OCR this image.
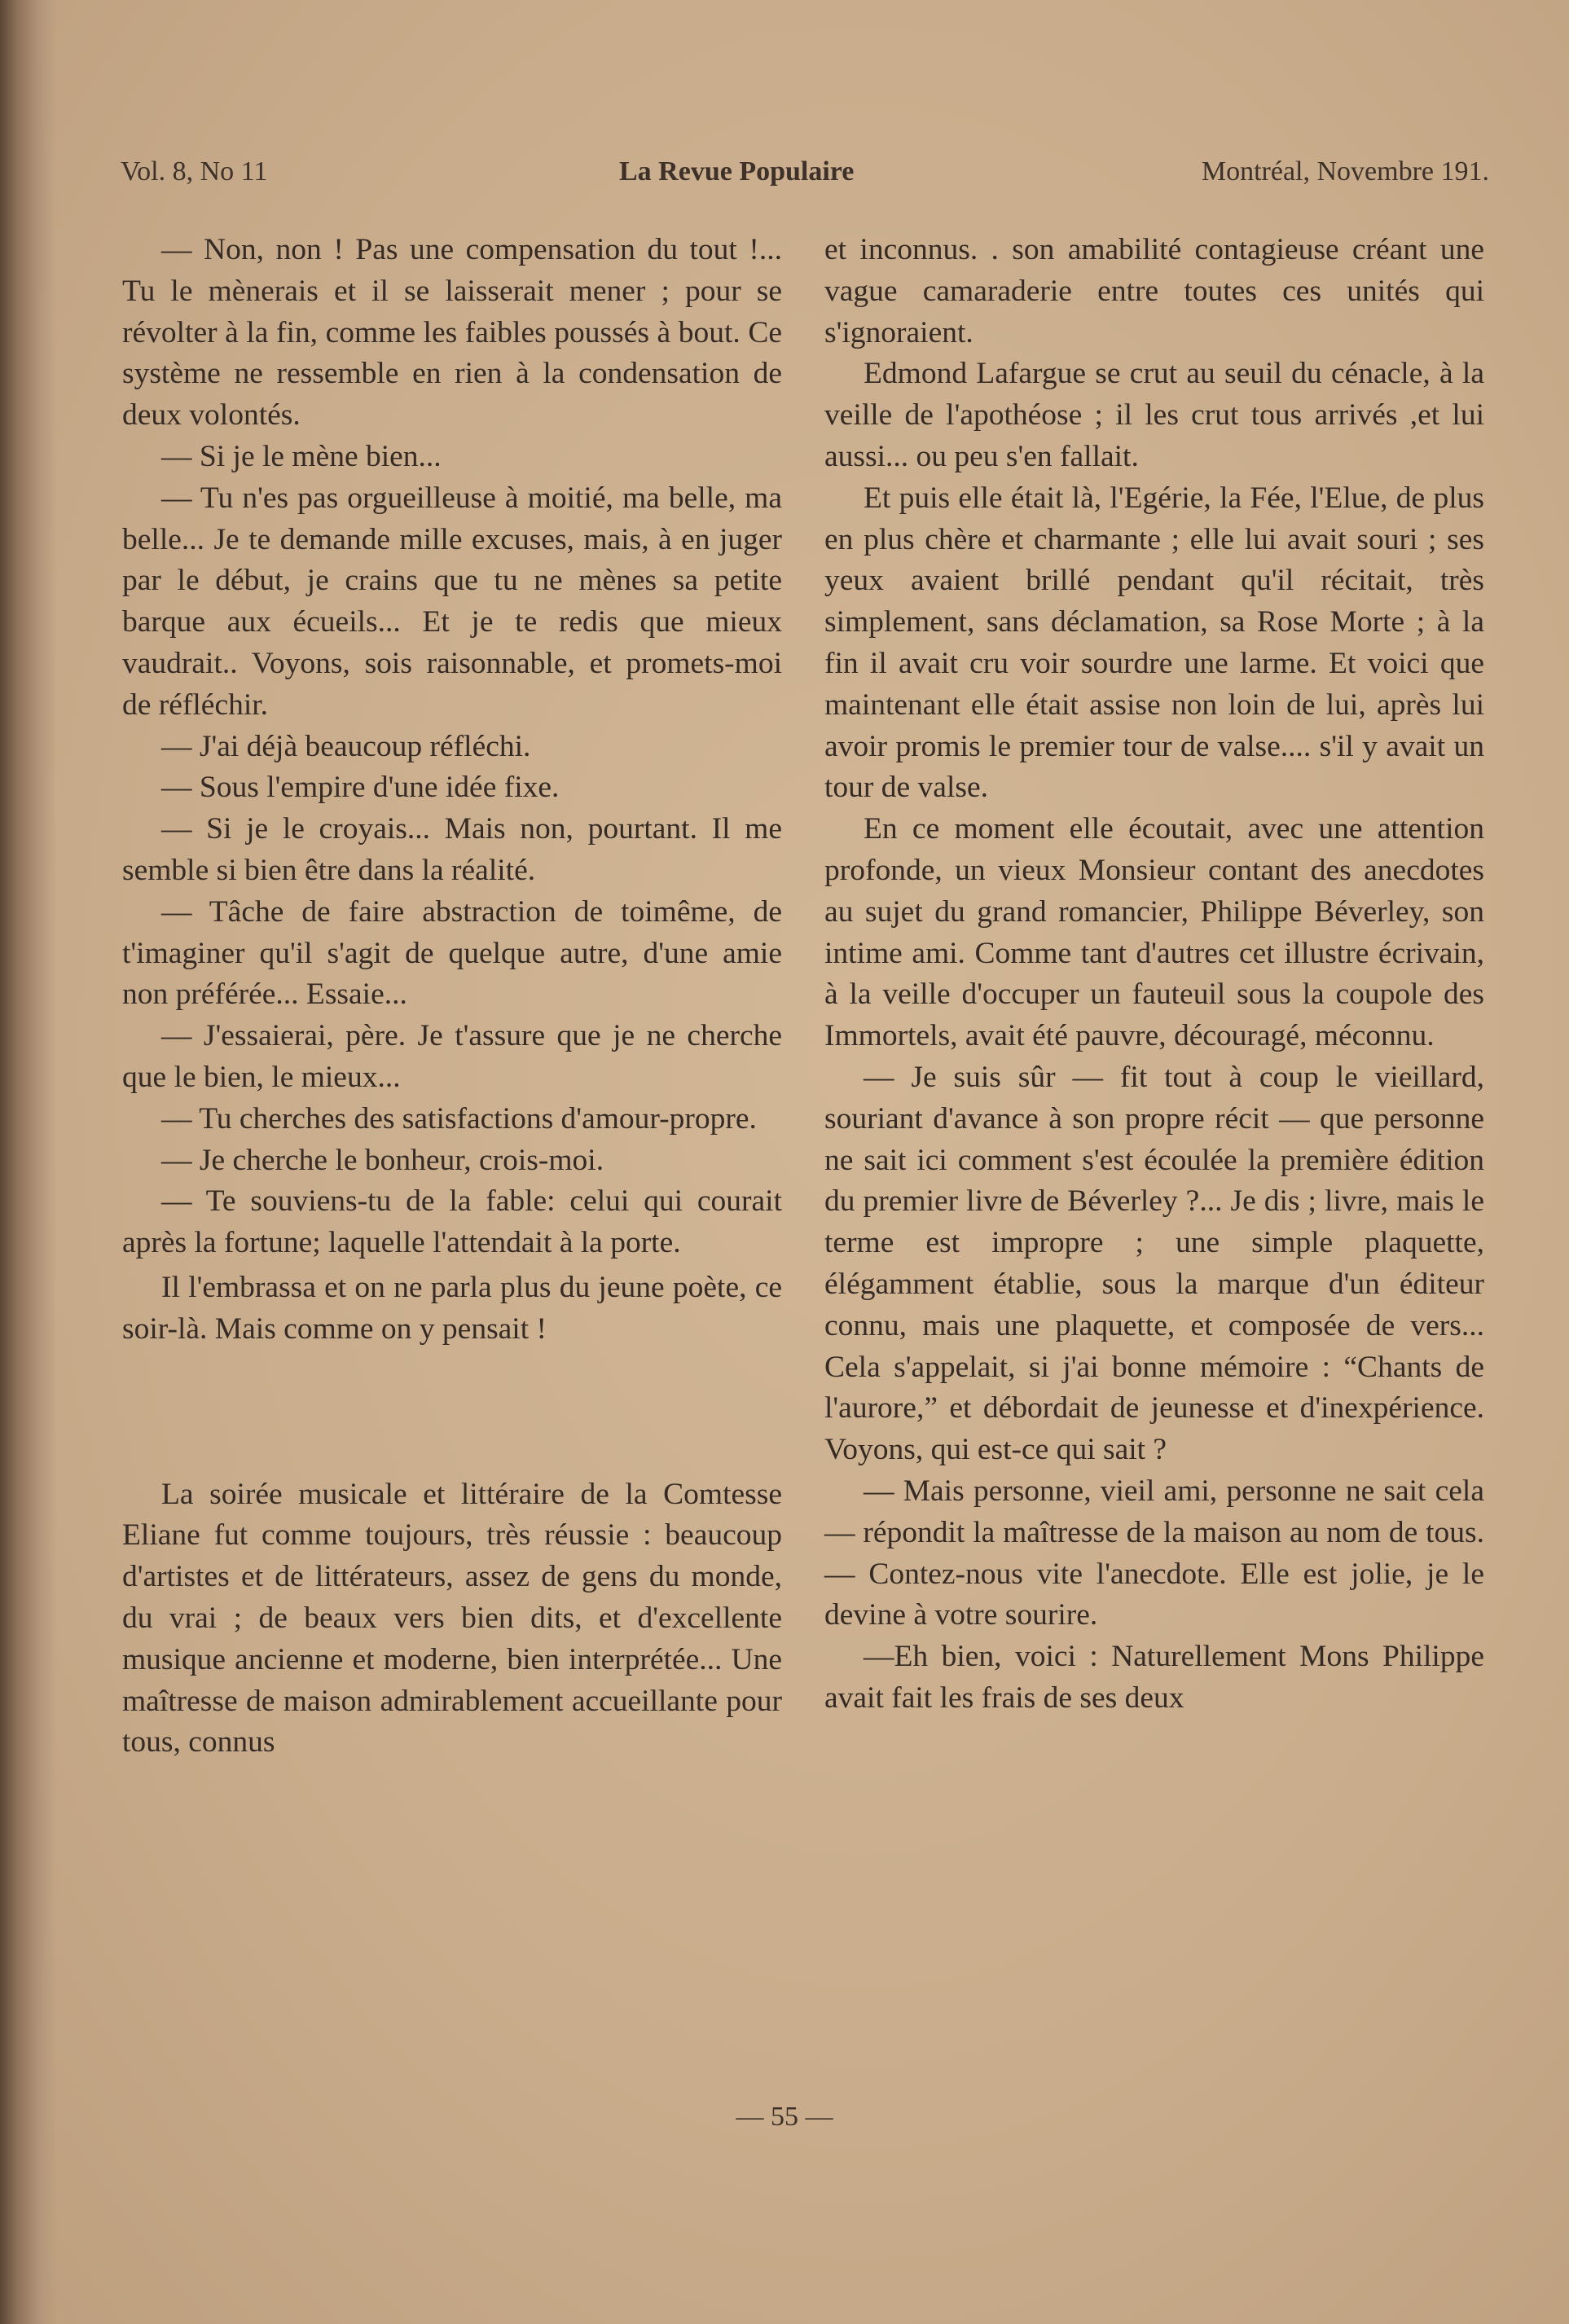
Vol. 8, No 11	La Revue Populaire	Montréal, Novembre 191.

— Non, non ! Pas une compensation du tout !... Tu le mènerais et il se laisserait mener ; pour se révolter à la fin, comme les faibles poussés à bout. Ce système ne ressemble en rien à la condensation de deux volontés.

— Si je le mène bien...

— Tu n'es pas orgueilleuse à moitié, ma belle, ma belle... Je te demande mille excuses, mais, à en juger par le début, je crains que tu ne mènes sa petite barque aux écueils... Et je te redis que mieux vaudrait.. Voyons, sois raisonnable, et promets-moi de réfléchir.

— J'ai déjà beaucoup réfléchi.

— Sous l'empire d'une idée fixe.

— Si je le croyais... Mais non, pourtant. Il me semble si bien être dans la réalité.

— Tâche de faire abstraction de toimême, de t'imaginer qu'il s'agit de quelque autre, d'une amie non préférée... Essaie...

— J'essaierai, père. Je t'assure que je ne cherche que le bien, le mieux...

— Tu cherches des satisfactions d'amour-propre.

— Je cherche le bonheur, crois-moi.

— Te souviens-tu de la fable: celui qui courait après la fortune; laquelle l'attendait à la porte.

Il l'embrassa et on ne parla plus du jeune poète, ce soir-là. Mais comme on y pensait !

La soirée musicale et littéraire de la Comtesse Eliane fut comme toujours, très réussie : beaucoup d'artistes et de littérateurs, assez de gens du monde, du vrai ; de beaux vers bien dits, et d'excellente musique ancienne et moderne, bien interprétée... Une maîtresse de maison admirablement accueillante pour tous, connus

et inconnus. . son amabilité contagieuse créant une vague camaraderie entre toutes ces unités qui s'ignoraient.

Edmond Lafargue se crut au seuil du cénacle, à la veille de l'apothéose ; il les crut tous arrivés ,et lui aussi... ou peu s'en fallait.

Et puis elle était là, l'Egérie, la Fée, l'Elue, de plus en plus chère et charmante ; elle lui avait souri ; ses yeux avaient brillé pendant qu'il récitait, très simplement, sans déclamation, sa Rose Morte ; à la fin il avait cru voir sourdre une larme. Et voici que maintenant elle était assise non loin de lui, après lui avoir promis le premier tour de valse.... s'il y avait un tour de valse.

En ce moment elle écoutait, avec une attention profonde, un vieux Monsieur contant des anecdotes au sujet du grand romancier, Philippe Béverley, son intime ami. Comme tant d'autres cet illustre écrivain, à la veille d'occuper un fauteuil sous la coupole des Immortels, avait été pauvre, découragé, méconnu.

— Je suis sûr — fit tout à coup le vieillard, souriant d'avance à son propre récit — que personne ne sait ici comment s'est écoulée la première édition du premier livre de Béverley ?... Je dis ; livre, mais le terme est impropre ; une simple plaquette, élégamment établie, sous la marque d'un éditeur connu, mais une plaquette, et composée de vers... Cela s'appelait, si j'ai bonne mémoire : “Chants de l'aurore,” et débordait de jeunesse et d'inexpérience. Voyons, qui est-ce qui sait ?

— Mais personne, vieil ami, personne ne sait cela — répondit la maîtresse de la maison au nom de tous. — Contez-nous vite l'anecdote. Elle est jolie, je le devine à votre sourire.

—Eh bien, voici : Naturellement Mons Philippe avait fait les frais de ses deux

— 55 —
